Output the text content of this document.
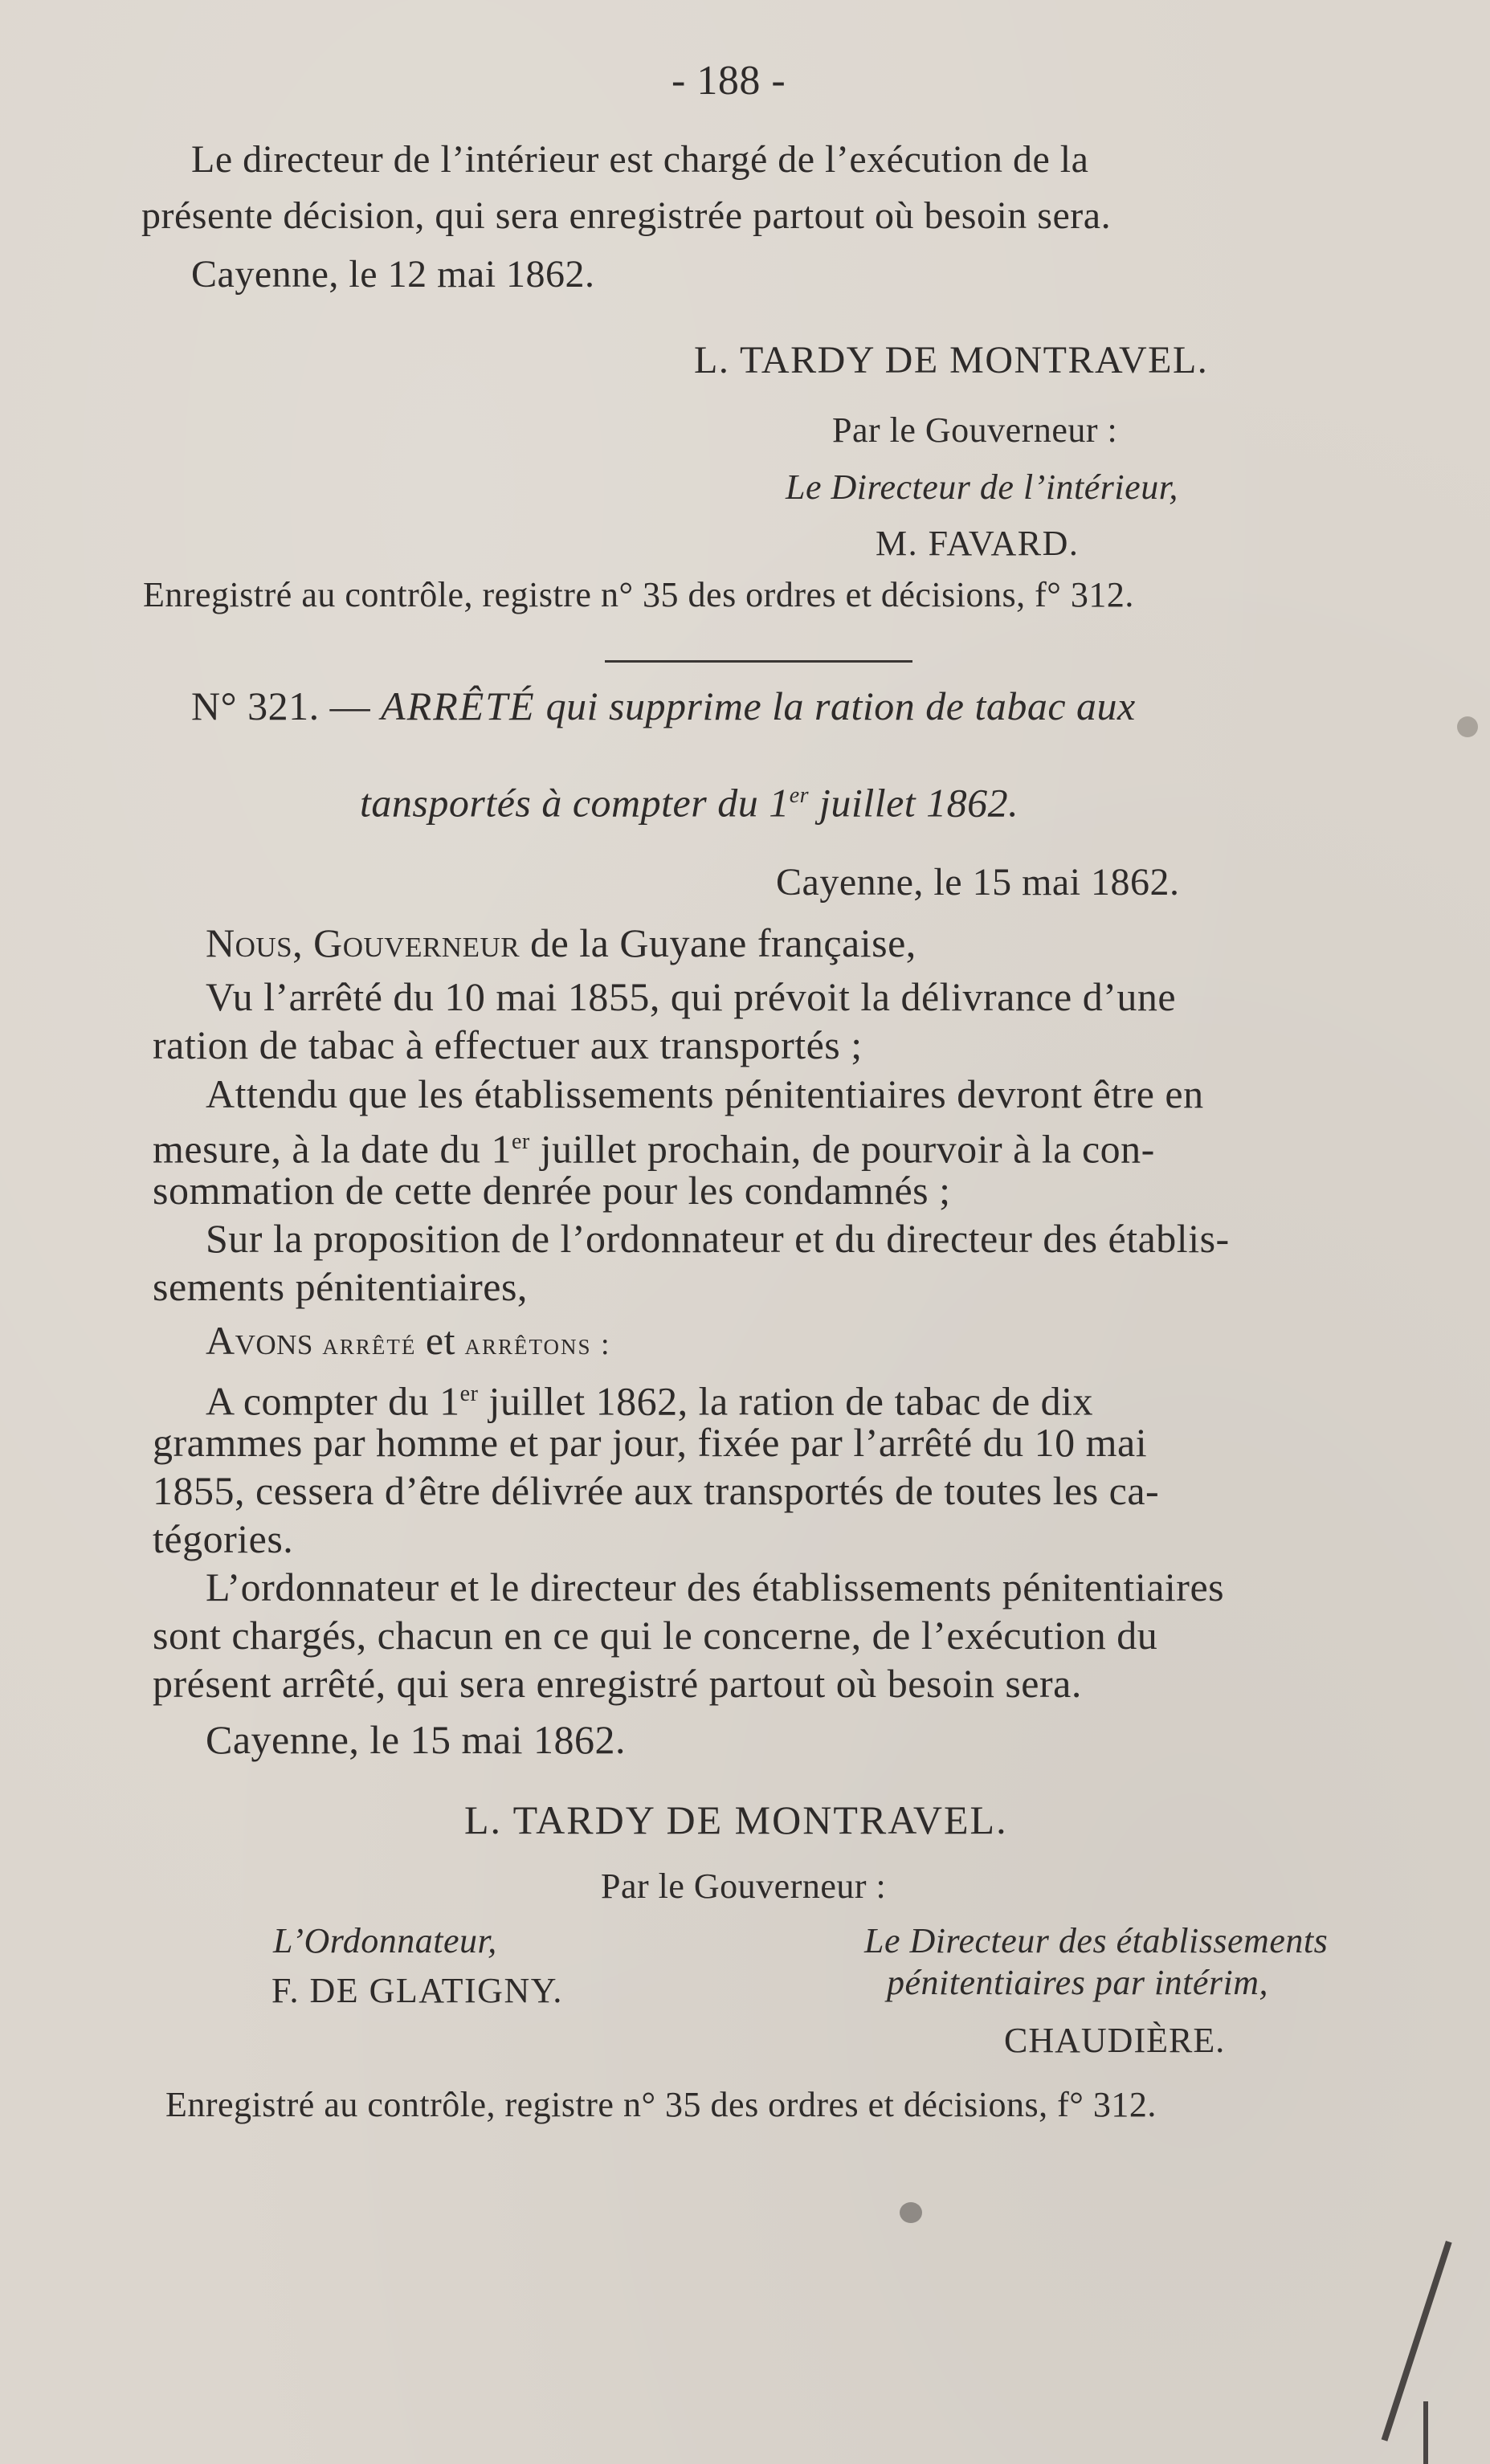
- 188 -
Le directeur de l’intérieur est chargé de l’exécution de la
présente décision, qui sera enregistrée partout où besoin sera.
Cayenne, le 12 mai 1862.
L. TARDY DE MONTRAVEL.
Par le Gouverneur :
Le Directeur de l’intérieur,
M. FAVARD.
Enregistré au contrôle, registre n° 35 des ordres et décisions, f° 312.
N° 321. — ARRÊTÉ qui supprime la ration de tabac aux
tansportés à compter du 1er juillet 1862.
Cayenne, le 15 mai 1862.
Nous, Gouverneur de la Guyane française,
Vu l’arrêté du 10 mai 1855, qui prévoit la délivrance d’une
ration de tabac à effectuer aux transportés ;
Attendu que les établissements pénitentiaires devront être en
mesure, à la date du 1er juillet prochain, de pourvoir à la con-
sommation de cette denrée pour les condamnés ;
Sur la proposition de l’ordonnateur et du directeur des établis-
sements pénitentiaires,
Avons arrêté et arrêtons :
A compter du 1er juillet 1862, la ration de tabac de dix
grammes par homme et par jour, fixée par l’arrêté du 10 mai
1855, cessera d’être délivrée aux transportés de toutes les ca-
tégories.
L’ordonnateur et le directeur des établissements pénitentiaires
sont chargés, chacun en ce qui le concerne, de l’exécution du
présent arrêté, qui sera enregistré partout où besoin sera.
Cayenne, le 15 mai 1862.
L. TARDY DE MONTRAVEL.
Par le Gouverneur :
L’Ordonnateur,
F. DE GLATIGNY.
Le Directeur des établissements
pénitentiaires par intérim,
CHAUDIÈRE.
Enregistré au contrôle, registre n° 35 des ordres et décisions, f° 312.
